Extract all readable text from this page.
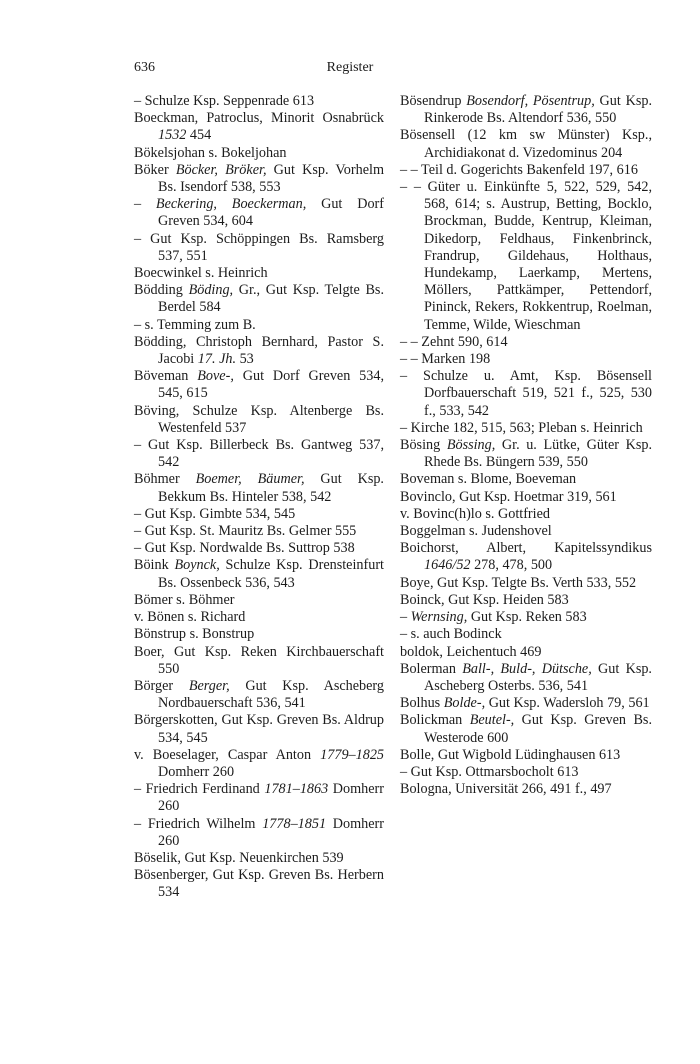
636	Register

– Schulze Ksp. Seppenrade 613

Boeckman, Patroclus, Minorit Osnabrück 1532 454

Bökelsjohan s. Bokeljohan

Böker Böcker, Bröker, Gut Ksp. Vorhelm Bs. Isendorf 538, 553

– Beckering, Boeckerman, Gut Dorf Greven 534, 604

– Gut Ksp. Schöppingen Bs. Ramsberg 537, 551

Boecwinkel s. Heinrich

Bödding Böding, Gr., Gut Ksp. Telgte Bs. Berdel 584

– s. Temming zum B.

Bödding, Christoph Bernhard, Pastor S. Jacobi 17. Jh. 53

Böveman Bove-, Gut Dorf Greven 534, 545, 615

Böving, Schulze Ksp. Altenberge Bs. Westenfeld 537

– Gut Ksp. Billerbeck Bs. Gantweg 537, 542

Böhmer Boemer, Bäumer, Gut Ksp. Bekkum Bs. Hinteler 538, 542

– Gut Ksp. Gimbte 534, 545

– Gut Ksp. St. Mauritz Bs. Gelmer 555

– Gut Ksp. Nordwalde Bs. Suttrop 538

Böink Boynck, Schulze Ksp. Drensteinfurt Bs. Ossenbeck 536, 543

Bömer s. Böhmer

v. Bönen s. Richard

Bönstrup s. Bonstrup

Boer, Gut Ksp. Reken Kirchbauerschaft 550

Börger Berger, Gut Ksp. Ascheberg Nordbauerschaft 536, 541

Börgerskotten, Gut Ksp. Greven Bs. Aldrup 534, 545

v. Boeselager, Caspar Anton 1779–1825 Domherr 260

– Friedrich Ferdinand 1781–1863 Domherr 260

– Friedrich Wilhelm 1778–1851 Domherr 260

Böselik, Gut Ksp. Neuenkirchen 539

Bösenberger, Gut Ksp. Greven Bs. Herbern 534

Bösendrup Bosendorf, Pösentrup, Gut Ksp. Rinkerode Bs. Altendorf 536, 550

Bösensell (12 km sw Münster) Ksp., Archidiakonat d. Vizedominus 204

– – Teil d. Gogerichts Bakenfeld 197, 616

– – Güter u. Einkünfte 5, 522, 529, 542, 568, 614; s. Austrup, Betting, Bocklo, Brockman, Budde, Kentrup, Kleiman, Dikedorp, Feldhaus, Finkenbrinck, Frandrup, Gildehaus, Holthaus, Hundekamp, Laerkamp, Mertens, Möllers, Pattkämper, Pettendorf, Pininck, Rekers, Rokkentrup, Roelman, Temme, Wilde, Wieschman

– – Zehnt 590, 614

– – Marken 198

– Schulze u. Amt, Ksp. Bösensell Dorfbauerschaft 519, 521 f., 525, 530 f., 533, 542

– Kirche 182, 515, 563; Pleban s. Heinrich

Bösing Bössing, Gr. u. Lütke, Güter Ksp. Rhede Bs. Büngern 539, 550

Boveman s. Blome, Boeveman

Bovinclo, Gut Ksp. Hoetmar 319, 561

v. Bovinc(h)lo s. Gottfried

Boggelman s. Judenshovel

Boichorst, Albert, Kapitelssyndikus 1646/52 278, 478, 500

Boye, Gut Ksp. Telgte Bs. Verth 533, 552

Boinck, Gut Ksp. Heiden 583

– Wernsing, Gut Ksp. Reken 583

– s. auch Bodinck

boldok, Leichentuch 469

Bolerman Ball-, Buld-, Dütsche, Gut Ksp. Ascheberg Osterbs. 536, 541

Bolhus Bolde-, Gut Ksp. Wadersloh 79, 561

Bolickman Beutel-, Gut Ksp. Greven Bs. Westerode 600

Bolle, Gut Wigbold Lüdinghausen 613

– Gut Ksp. Ottmarsbocholt 613

Bologna, Universität 266, 491 f., 497
